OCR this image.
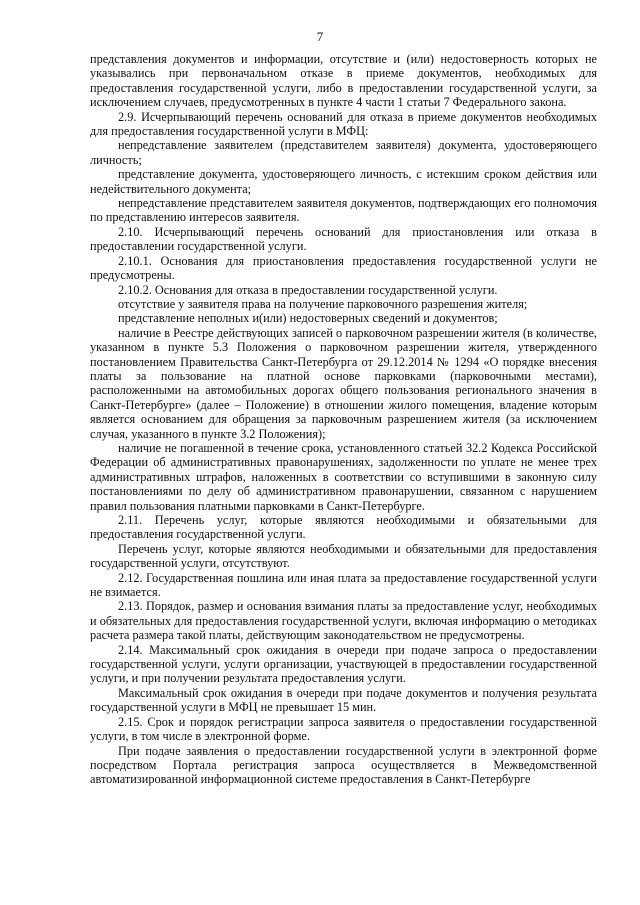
7

представления документов и информации, отсутствие и (или) недостоверность которых не указывались при первоначальном отказе в приеме документов, необходимых для предоставления государственной услуги, либо в предоставлении государственной услуги, за исключением случаев, предусмотренных в пункте 4 части 1 статьи 7 Федерального закона.

2.9. Исчерпывающий перечень оснований для отказа в приеме документов необходимых для предоставления государственной услуги в МФЦ:

непредставление заявителем (представителем заявителя) документа, удостоверяющего личность;

представление документа, удостоверяющего личность, с истекшим сроком действия или недействительного документа;

непредставление представителем заявителя документов, подтверждающих его полномочия по представлению интересов заявителя.

2.10. Исчерпывающий перечень оснований для приостановления или отказа в предоставлении государственной услуги.

2.10.1. Основания для приостановления предоставления государственной услуги не предусмотрены.

2.10.2. Основания для отказа в предоставлении государственной услуги.

отсутствие у заявителя права на получение парковочного разрешения жителя;

представление неполных и(или) недостоверных сведений и документов;

наличие в Реестре действующих записей о парковочном разрешении жителя (в количестве, указанном в пункте 5.3 Положения о парковочном разрешении жителя, утвержденного постановлением Правительства Санкт-Петербурга от 29.12.2014 № 1294 «О порядке внесения платы за пользование на платной основе парковками (парковочными местами), расположенными на автомобильных дорогах общего пользования регионального значения в Санкт-Петербурге» (далее – Положение) в отношении жилого помещения, владение которым является основанием для обращения за парковочным разрешением жителя (за исключением случая, указанного в пункте 3.2 Положения);

наличие не погашенной в течение срока, установленного статьей 32.2 Кодекса Российской Федерации об административных правонарушениях, задолженности по уплате не менее трех административных штрафов, наложенных в соответствии со вступившими в законную силу постановлениями по делу об административном правонарушении, связанном с нарушением правил пользования платными парковками в Санкт-Петербурге.

2.11. Перечень услуг, которые являются необходимыми и обязательными для предоставления государственной услуги.

Перечень услуг, которые являются необходимыми и обязательными для предоставления государственной услуги, отсутствуют.

2.12. Государственная пошлина или иная плата за предоставление государственной услуги не взимается.

2.13. Порядок, размер и основания взимания платы за предоставление услуг, необходимых и обязательных для предоставления государственной услуги, включая информацию о методиках расчета размера такой платы, действующим законодательством не предусмотрены.

2.14. Максимальный срок ожидания в очереди при подаче запроса о предоставлении государственной услуги, услуги организации, участвующей в предоставлении государственной услуги, и при получении результата предоставления услуги.

Максимальный срок ожидания в очереди при подаче документов и получения результата государственной услуги в МФЦ не превышает 15 мин.

2.15. Срок и порядок регистрации запроса заявителя о предоставлении государственной услуги, в том числе в электронной форме.

При подаче заявления о предоставлении государственной услуги в электронной форме посредством Портала регистрация запроса осуществляется в Межведомственной автоматизированной информационной системе предоставления в Санкт-Петербурге
